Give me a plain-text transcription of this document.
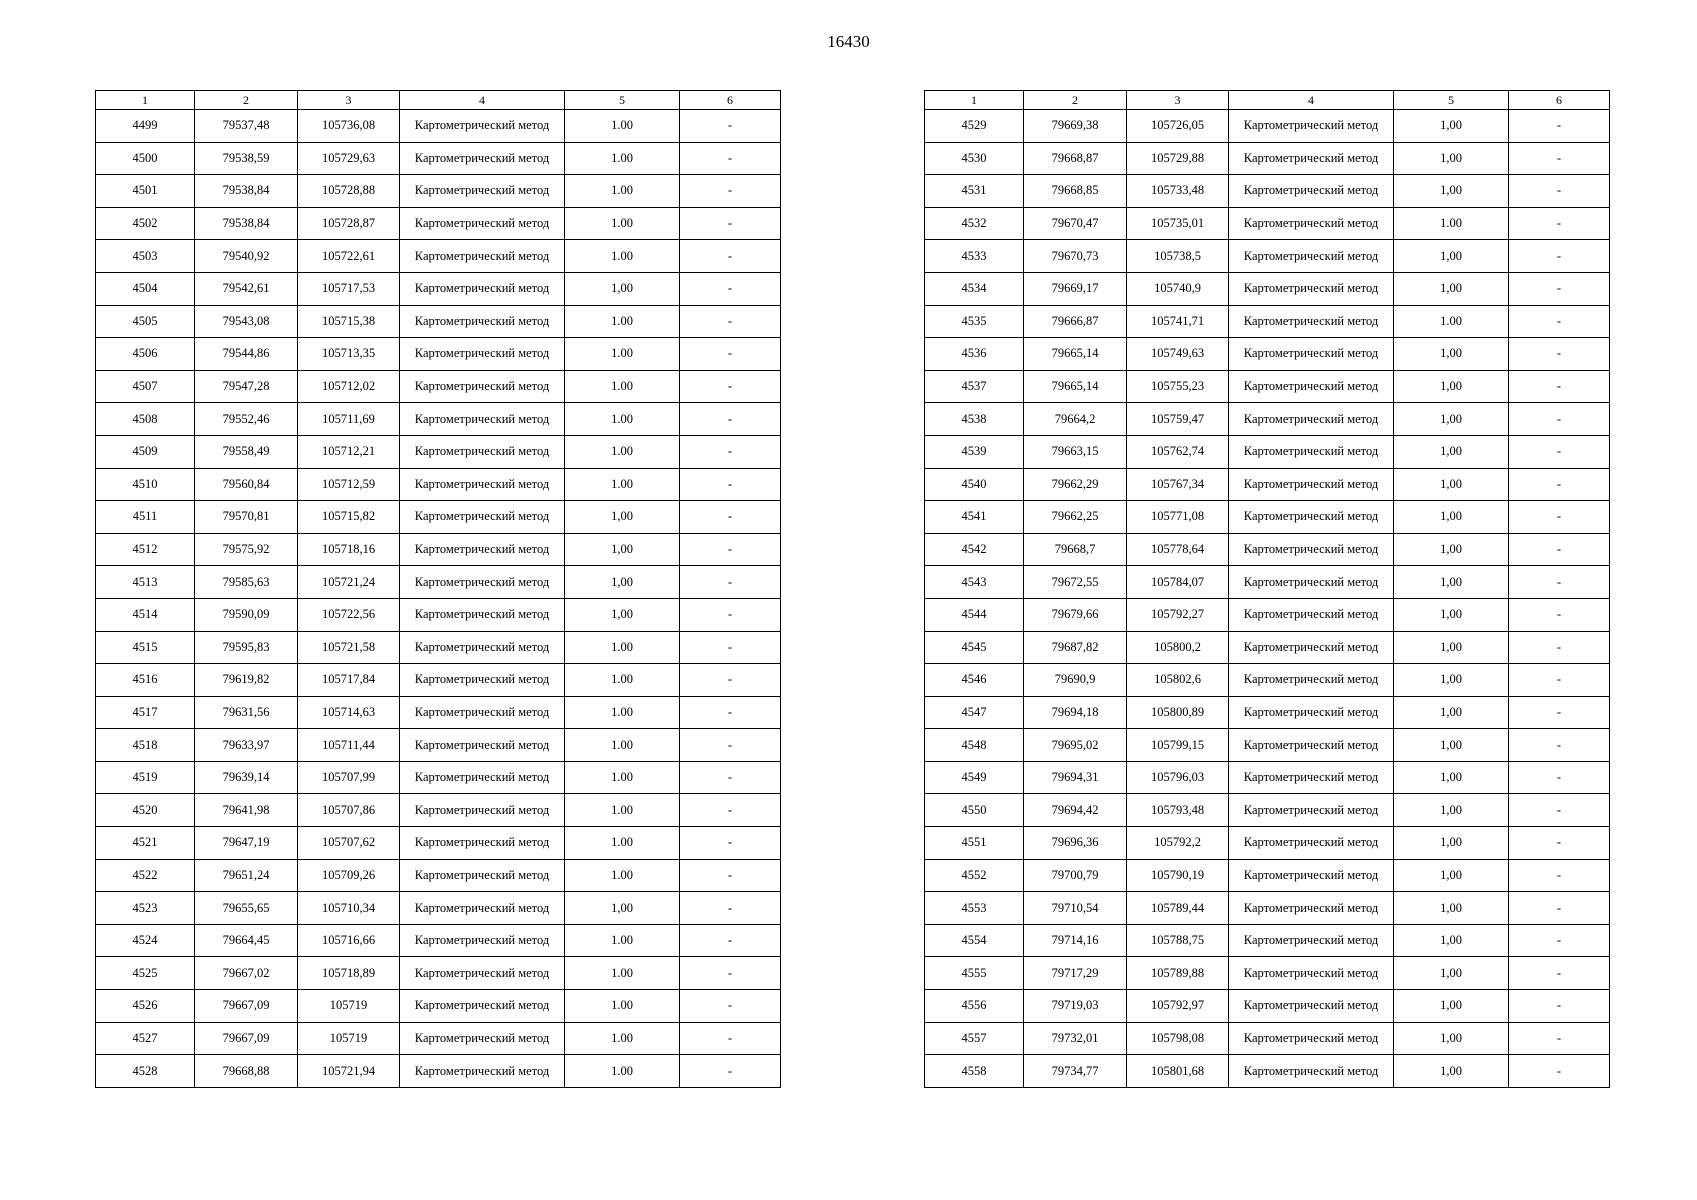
16430
1	2	3	4	5	6
4499	79537,48	105736,08	Картометрический метод	1.00	-
4500	79538,59	105729,63	Картометрический метод	1.00	-
4501	79538,84	105728,88	Картометрический метод	1.00	-
4502	79538,84	105728,87	Картометрический метод	1.00	-
4503	79540,92	105722,61	Картометрический метод	1.00	-
4504	79542,61	105717,53	Картометрический метод	1,00	-
4505	79543,08	105715,38	Картометрический метод	1.00	-
4506	79544,86	105713,35	Картометрический метод	1.00	-
4507	79547,28	105712,02	Картометрический метод	1.00	-
4508	79552,46	105711,69	Картометрический метод	1.00	-
4509	79558,49	105712,21	Картометрический метод	1.00	-
4510	79560,84	105712,59	Картометрический метод	1.00	-
4511	79570,81	105715,82	Картометрический метод	1,00	-
4512	79575,92	105718,16	Картометрический метод	1,00	-
4513	79585,63	105721,24	Картометрический метод	1,00	-
4514	79590,09	105722,56	Картометрический метод	1,00	-
4515	79595,83	105721,58	Картометрический метод	1.00	-
4516	79619,82	105717,84	Картометрический метод	1.00	-
4517	79631,56	105714,63	Картометрический метод	1.00	-
4518	79633,97	105711,44	Картометрический метод	1.00	-
4519	79639,14	105707,99	Картометрический метод	1.00	-
4520	79641,98	105707,86	Картометрический метод	1.00	-
4521	79647,19	105707,62	Картометрический метод	1.00	-
4522	79651,24	105709,26	Картометрический метод	1.00	-
4523	79655,65	105710,34	Картометрический метод	1,00	-
4524	79664,45	105716,66	Картометрический метод	1.00	-
4525	79667,02	105718,89	Картометрический метод	1.00	-
4526	79667,09	105719	Картометрический метод	1.00	-
4527	79667,09	105719	Картометрический метод	1.00	-
4528	79668,88	105721,94	Картометрический метод	1.00	-
1	2	3	4	5	6
4529	79669,38	105726,05	Картометрический метод	1,00	-
4530	79668,87	105729,88	Картометрический метод	1,00	-
4531	79668,85	105733,48	Картометрический метод	1,00	-
4532	79670,47	105735,01	Картометрический метод	1.00	-
4533	79670,73	105738,5	Картометрический метод	1,00	-
4534	79669,17	105740,9	Картометрический метод	1,00	-
4535	79666,87	105741,71	Картометрический метод	1.00	-
4536	79665,14	105749,63	Картометрический метод	1,00	-
4537	79665,14	105755,23	Картометрический метод	1,00	-
4538	79664,2	105759,47	Картометрический метод	1,00	-
4539	79663,15	105762,74	Картометрический метод	1,00	-
4540	79662,29	105767,34	Картометрический метод	1,00	-
4541	79662,25	105771,08	Картометрический метод	1,00	-
4542	79668,7	105778,64	Картометрический метод	1,00	-
4543	79672,55	105784,07	Картометрический метод	1,00	-
4544	79679,66	105792,27	Картометрический метод	1,00	-
4545	79687,82	105800,2	Картометрический метод	1,00	-
4546	79690,9	105802,6	Картометрический метод	1,00	-
4547	79694,18	105800,89	Картометрический метод	1,00	-
4548	79695,02	105799,15	Картометрический метод	1,00	-
4549	79694,31	105796,03	Картометрический метод	1,00	-
4550	79694,42	105793,48	Картометрический метод	1,00	-
4551	79696,36	105792,2	Картометрический метод	1,00	-
4552	79700,79	105790,19	Картометрический метод	1,00	-
4553	79710,54	105789,44	Картометрический метод	1,00	-
4554	79714,16	105788,75	Картометрический метод	1,00	-
4555	79717,29	105789,88	Картометрический метод	1,00	-
4556	79719,03	105792,97	Картометрический метод	1,00	-
4557	79732,01	105798,08	Картометрический метод	1,00	-
4558	79734,77	105801,68	Картометрический метод	1,00	-
